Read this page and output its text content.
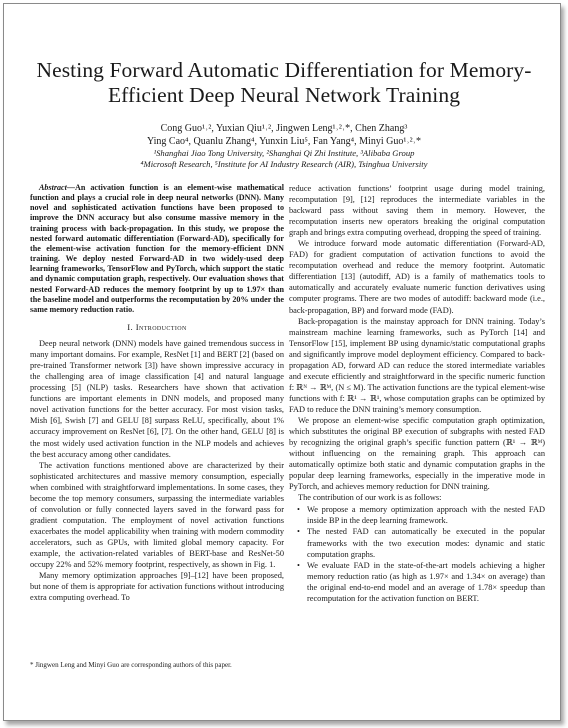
Nesting Forward Automatic Differentiation for Memory-Efficient Deep Neural Network Training
Cong Guo¹˒², Yuxian Qiu¹˒², Jingwen Leng¹˒²˒*, Chen Zhang³
Ying Cao⁴, Quanlu Zhang⁴, Yunxin Liu⁵, Fan Yang⁴, Minyi Guo¹˒²˒*
¹Shanghai Jiao Tong University, ²Shanghai Qi Zhi Institute, ³Alibaba Group
⁴Microsoft Research, ⁵Institute for AI Industry Research (AIR), Tsinghua University

Abstract—An activation function is an element-wise mathematical function and plays a crucial role in deep neural networks (DNN). Many novel and sophisticated activation functions have been proposed to improve the DNN accuracy but also consume massive memory in the training process with back-propagation. In this study, we propose the nested forward automatic differentiation (Forward-AD), specifically for the element-wise activation function for the memory-efficient DNN training. We deploy nested Forward-AD in two widely-used deep learning frameworks, TensorFlow and PyTorch, which support the static and dynamic computation graph, respectively. Our evaluation shows that nested Forward-AD reduces the memory footprint by up to 1.97× than the baseline model and outperforms the recomputation by 20% under the same memory reduction ratio.

I. Introduction

Deep neural network (DNN) models have gained tremendous success in many important domains. For example, ResNet [1] and BERT [2] (based on pre-trained Transformer network [3]) have shown impressive accuracy in the challenging area of image classification [4] and natural language processing [5] (NLP) tasks. Researchers have shown that activation functions are important elements in DNN models, and proposed many novel activation functions for the better accuracy. For most vision tasks, Mish [6], Swish [7] and GELU [8] surpass ReLU, specifically, about 1% accuracy improvement on ResNet [6], [7]. On the other hand, GELU [8] is the most widely used activation function in the NLP models and achieves the best accuracy among other candidates.

The activation functions mentioned above are characterized by their sophisticated architectures and massive memory consumption, especially when combined with straightforward implementations. In some cases, they become the top memory consumers, surpassing the intermediate variables of convolution or fully connected layers saved in the forward pass for gradient computation. The employment of novel activation functions exacerbates the model applicability when training with modern commodity accelerators, such as GPUs, with limited global memory capacity. For example, the activation-related variables of BERT-base and ResNet-50 occupy 22% and 52% memory footprint, respectively, as shown in Fig. 1.

Many memory optimization approaches [9]–[12] have been proposed, but none of them is appropriate for activation functions without introducing extra computing overhead. To

reduce activation functions’ footprint usage during model training, recomputation [9], [12] reproduces the intermediate variables in the backward pass without saving them in memory. However, the recomputation inserts new operators breaking the original computation graph and brings extra computing overhead, dropping the speed of training.

We introduce forward mode automatic differentiation (Forward-AD, FAD) for gradient computation of activation functions to avoid the recomputation overhead and reduce the memory footprint. Automatic differentiation [13] (autodiff, AD) is a family of mathematics tools to automatically and accurately evaluate numeric function derivatives using computer programs. There are two modes of autodiff: backward mode (i.e., back-propagation, BP) and forward mode (FAD).

Back-propagation is the mainstay approach for DNN training. Today’s mainstream machine learning frameworks, such as PyTorch [14] and TensorFlow [15], implement BP using dynamic/static computational graphs and significantly improve model deployment efficiency. Compared to back-propagation AD, forward AD can reduce the stored intermediate variables and execute efficiently and straightforward in the specific numeric function f: ℝᴺ → ℝᴹ, (N ≤ M). The activation functions are the typical element-wise functions with f: ℝ¹ → ℝ¹, whose computation graphs can be optimized by FAD to reduce the DNN training’s memory consumption.

We propose an element-wise specific computation graph optimization, which substitutes the original BP execution of subgraphs with nested FAD by recognizing the original graph’s specific function pattern (ℝ¹ → ℝᴹ) without influencing on the remaining graph. This approach can automatically optimize both static and dynamic computation graphs in the popular deep learning frameworks, especially in the imperative mode in PyTorch, and achieves memory reduction for DNN training.

The contribution of our work is as follows:

• We propose a memory optimization approach with the nested FAD inside BP in the deep learning framework.
• The nested FAD can automatically be executed in the popular frameworks with the two execution modes: dynamic and static computation graphs.
• We evaluate FAD in the state-of-the-art models achieving a higher memory reduction ratio (as high as 1.97× and 1.34× on average) than the original end-to-end model and an average of 1.78× speedup than recomputation for the activation function on BERT.
* Jingwen Leng and Minyi Guo are corresponding authors of this paper.
